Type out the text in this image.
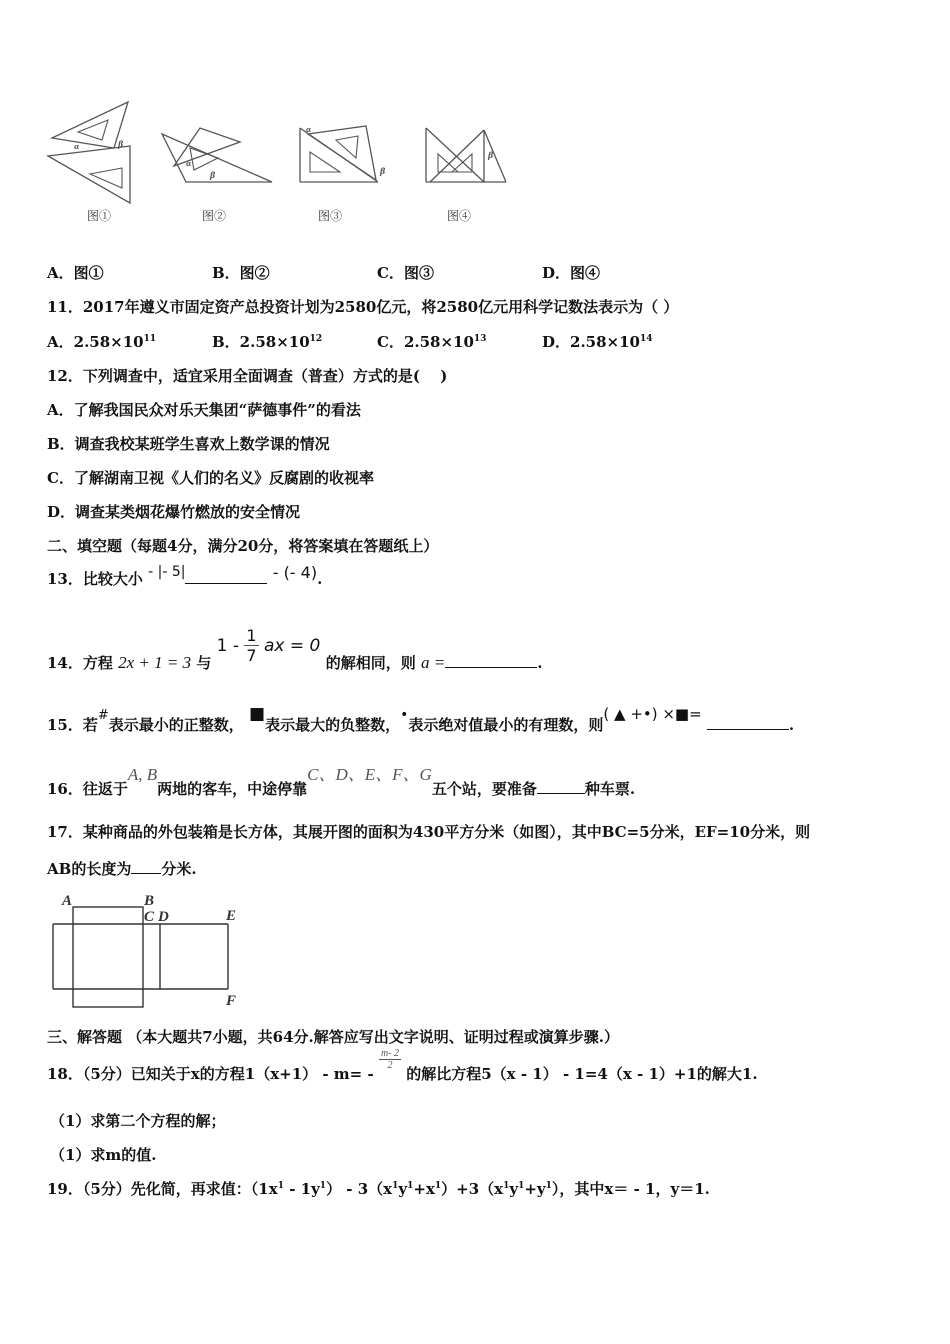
α	β
图①
α
β
图②
α
β
图③
β
图④
A．图①	B．图②	C．图③	D．图④
11．2017年遵义市固定资产总投资计划为2580亿元，将2580亿元用科学记数法表示为（ ）
A．$2.58\times 10^{11}$	B．$2.58\times 10^{12}$	C．$2.58\times 10^{13}$	D．$2.58\times 10^{14}$
12．下列调查中，适宜采用全面调查（普查）方式的是(　 )
A．了解我国民众对乐天集团“萨德事件”的看法
B．调查我校某班学生喜欢上数学课的情况
C．了解湖南卫视《人们的名义》反腐剧的收视率
D．调查某类烟花爆竹燃放的安全情况
二、填空题（每题4分，满分20分，将答案填在答题纸上）
13．比较大小 - |- 5|	- (- 4).
14．方程 2x + 1 = 3 与 $1 - \frac{1}{7}$ ax = 0 的解相同，则 a =	.
15．若#表示最小的正整数， ■表示最大的负整数，•表示绝对值最小的有理数，则( ▲ +•) ×■= .
16．往返于A, B两地的客车，中途停靠C、D、E、F、G五个站，要准备	种车票.
17．某种商品的外包装箱是长方体，其展开图的面积为430平方分米（如图），其中BC=5分米，EF=10分米，则
AB的长度为 分米.
A	B
C D	E
F
三、解答题 （本大题共7小题，共64分.解答应写出文字说明、证明过程或演算步骤.）
18．（5分）已知关于x的方程1（x+1） - m= -
$\frac{m- 2}{2}$
的解比方程5（x - 1） - 1=4（x - 1）+1的解大1.
（1）求第二个方程的解；
（1）求m的值.
19．（5分）先化简，再求值：$(1x^1 - 1y^1) - 3(x^1y^1+x^1)+3(x^1y^1+y^1)$，其中x＝ - 1，y＝1.
